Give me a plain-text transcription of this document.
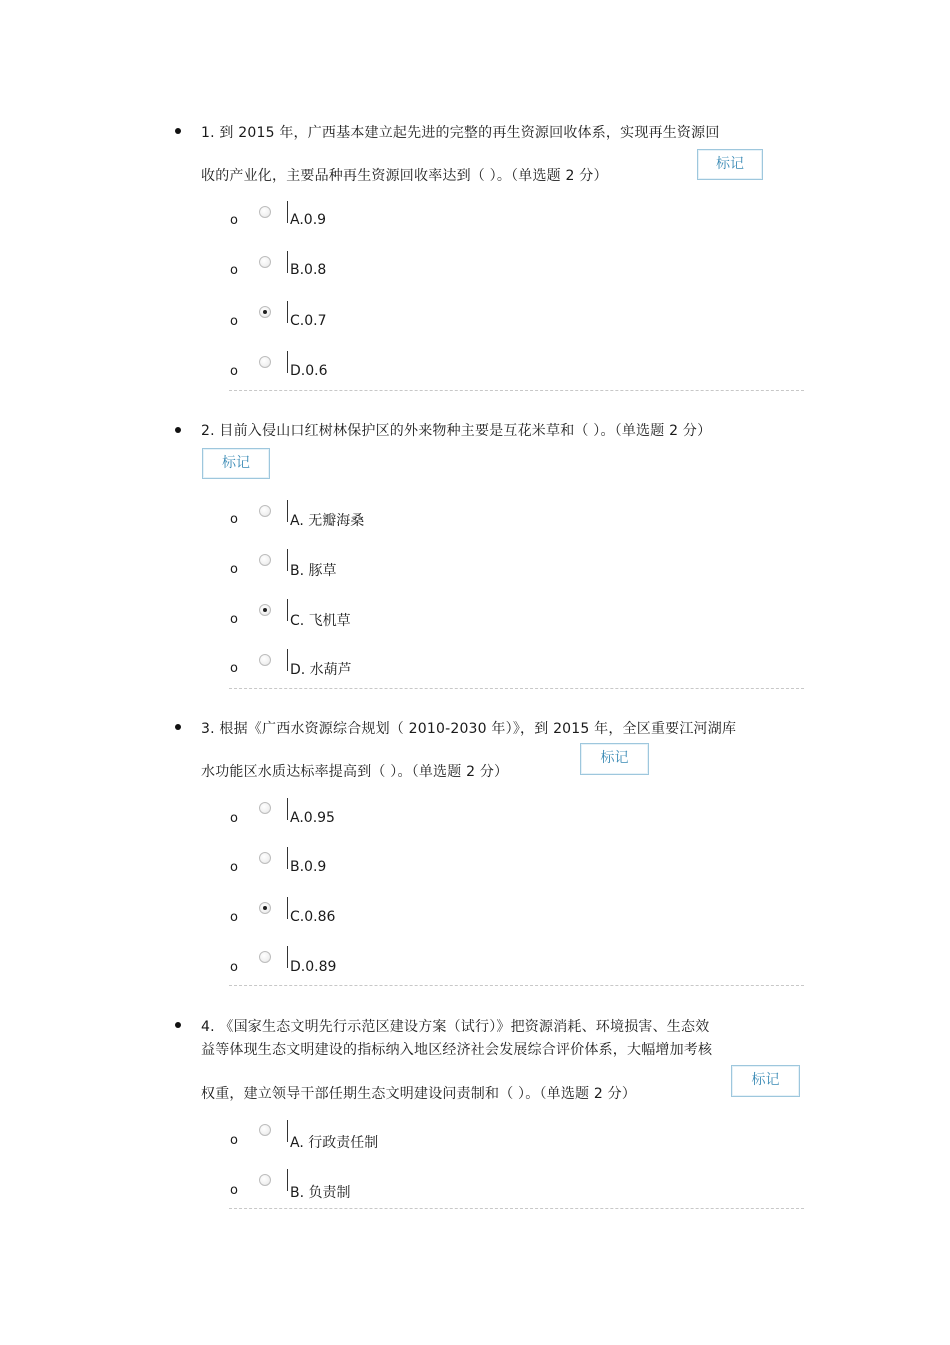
1. 到 2015 年，广西基本建立起先进的完整的再生资源回收体系，实现再生资源回
收的产业化，主要品种再生资源回收率达到（ ）。（单选题 2 分）
标记
o	A.0.9
o	B.0.8
o	C.0.7
o	D.0.6
2. 目前入侵山口红树林保护区的外来物种主要是互花米草和（ ）。（单选题 2 分）
标记
o	A. 无瓣海桑
o	B. 豚草
o	C. 飞机草
o	D. 水葫芦
3. 根据《广西水资源综合规划（ 2010-2030 年）》，到 2015 年，全区重要江河湖库
水功能区水质达标率提高到（ ）。（单选题 2 分）
标记
o	A.0.95
o	B.0.9
o	C.0.86
o	D.0.89
4. 《国家生态文明先行示范区建设方案（试行）》把资源消耗、环境损害、生态效
益等体现生态文明建设的指标纳入地区经济社会发展综合评价体系，大幅增加考核
权重，建立领导干部任期生态文明建设问责制和（ ）。（单选题 2 分）
标记
o	A. 行政责任制
o	B. 负责制
